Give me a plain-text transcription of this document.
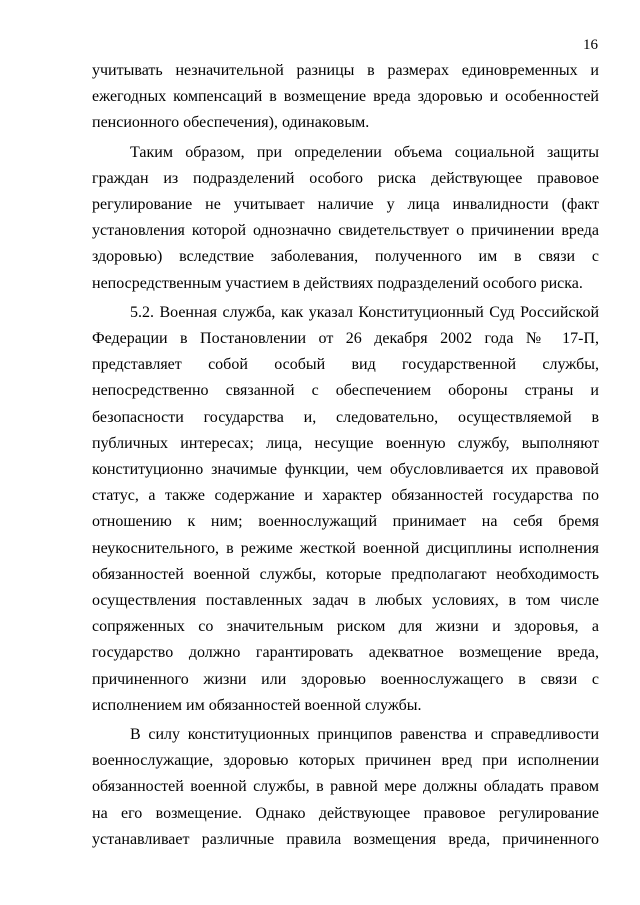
16

учитывать незначительной разницы в размерах единовременных и ежегодных компенсаций в возмещение вреда здоровью и особенностей пенсионного обеспечения), одинаковым.

Таким образом, при определении объема социальной защиты граждан из подразделений особого риска действующее правовое регулирование не учитывает наличие у лица инвалидности (факт установления которой однозначно свидетельствует о причинении вреда здоровью) вследствие заболевания, полученного им в связи с непосредственным участием в действиях подразделений особого риска.

5.2. Военная служба, как указал Конституционный Суд Российской Федерации в Постановлении от 26 декабря 2002 года № 17-П, представляет собой особый вид государственной службы, непосредственно связанной с обеспечением обороны страны и безопасности государства и, следовательно, осуществляемой в публичных интересах; лица, несущие военную службу, выполняют конституционно значимые функции, чем обусловливается их правовой статус, а также содержание и характер обязанностей государства по отношению к ним; военнослужащий принимает на себя бремя неукоснительного, в режиме жесткой военной дисциплины исполнения обязанностей военной службы, которые предполагают необходимость осуществления поставленных задач в любых условиях, в том числе сопряженных со значительным риском для жизни и здоровья, а государство должно гарантировать адекватное возмещение вреда, причиненного жизни или здоровью военнослужащего в связи с исполнением им обязанностей военной службы.

В силу конституционных принципов равенства и справедливости военнослужащие, здоровью которых причинен вред при исполнении обязанностей военной службы, в равной мере должны обладать правом на его возмещение. Однако действующее правовое регулирование устанавливает различные правила возмещения вреда, причиненного
